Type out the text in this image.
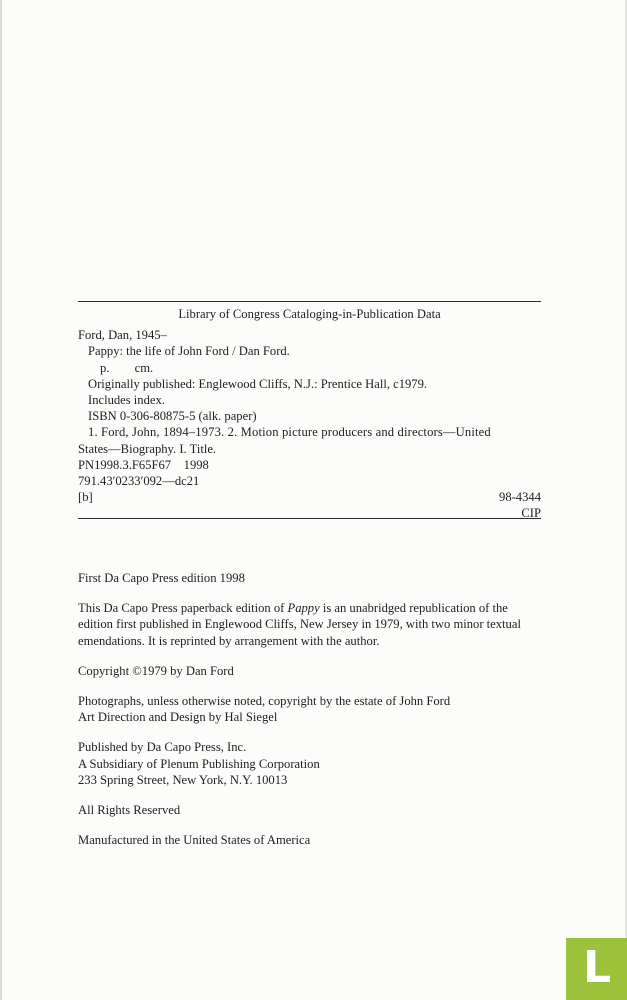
Library of Congress Cataloging-in-Publication Data

Ford, Dan, 1945–

Pappy: the life of John Ford / Dan Ford.

p.        cm.

Originally published: Englewood Cliffs, N.J.: Prentice Hall, c1979.

Includes index.

ISBN 0-306-80875-5 (alk. paper)

1. Ford, John, 1894–1973. 2. Motion picture producers and directors—United

States—Biography. I. Title.

PN1998.3.F65F67    1998

791.43′0233′092—dc21

[b]	98-4344
CIP

First Da Capo Press edition 1998

This Da Capo Press paperback edition of Pappy is an unabridged republication of the

edition first published in Englewood Cliffs, New Jersey in 1979, with two minor textual

emendations. It is reprinted by arrangement with the author.

Copyright ©1979 by Dan Ford

Photographs, unless otherwise noted, copyright by the estate of John Ford

Art Direction and Design by Hal Siegel

Published by Da Capo Press, Inc.

A Subsidiary of Plenum Publishing Corporation

233 Spring Street, New York, N.Y. 10013

All Rights Reserved

Manufactured in the United States of America

L
